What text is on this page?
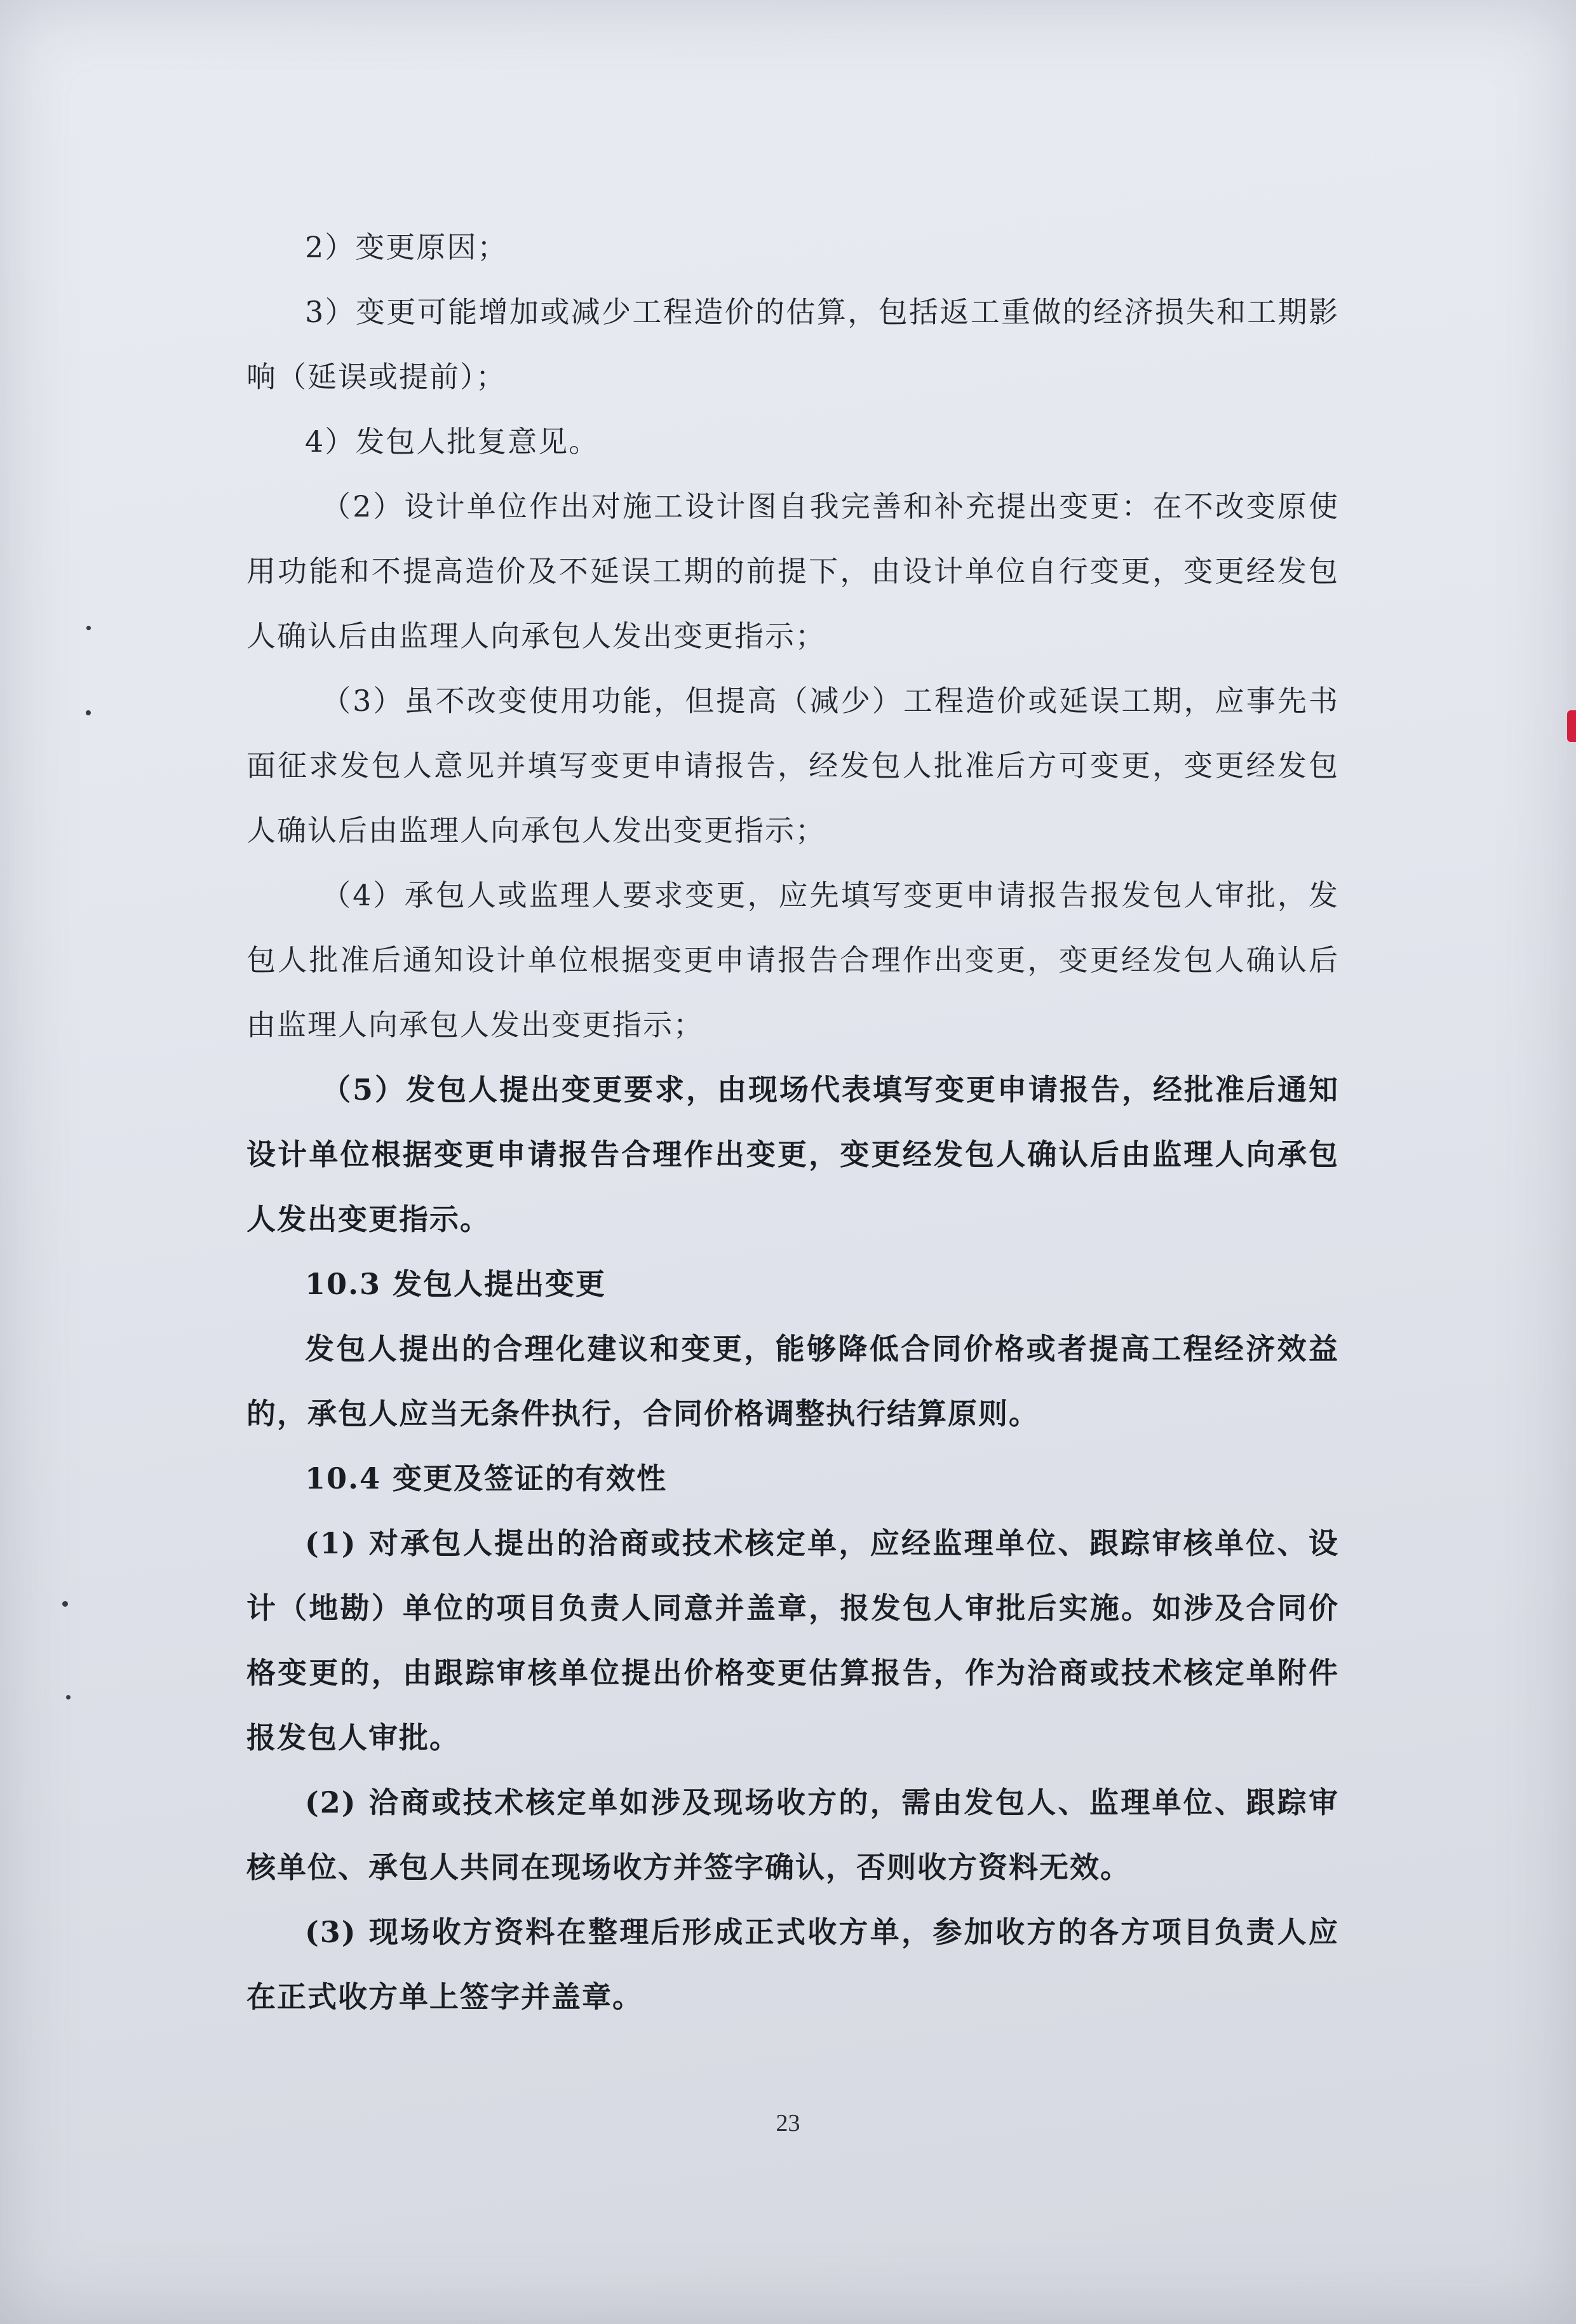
2）变更原因；

3）变更可能增加或减少工程造价的估算，包括返工重做的经济损失和工期影响（延误或提前）；

4）发包人批复意见。

（2）设计单位作出对施工设计图自我完善和补充提出变更：在不改变原使用功能和不提高造价及不延误工期的前提下，由设计单位自行变更，变更经发包人确认后由监理人向承包人发出变更指示；

（3）虽不改变使用功能，但提高（减少）工程造价或延误工期，应事先书面征求发包人意见并填写变更申请报告，经发包人批准后方可变更，变更经发包人确认后由监理人向承包人发出变更指示；

（4）承包人或监理人要求变更，应先填写变更申请报告报发包人审批，发包人批准后通知设计单位根据变更申请报告合理作出变更，变更经发包人确认后由监理人向承包人发出变更指示；

（5）发包人提出变更要求，由现场代表填写变更申请报告，经批准后通知设计单位根据变更申请报告合理作出变更，变更经发包人确认后由监理人向承包人发出变更指示。

10.3 发包人提出变更

发包人提出的合理化建议和变更，能够降低合同价格或者提高工程经济效益的，承包人应当无条件执行，合同价格调整执行结算原则。

10.4 变更及签证的有效性

(1) 对承包人提出的洽商或技术核定单，应经监理单位、跟踪审核单位、设计（地勘）单位的项目负责人同意并盖章，报发包人审批后实施。如涉及合同价格变更的，由跟踪审核单位提出价格变更估算报告，作为洽商或技术核定单附件报发包人审批。

(2) 洽商或技术核定单如涉及现场收方的，需由发包人、监理单位、跟踪审核单位、承包人共同在现场收方并签字确认，否则收方资料无效。

(3) 现场收方资料在整理后形成正式收方单，参加收方的各方项目负责人应在正式收方单上签字并盖章。

23
